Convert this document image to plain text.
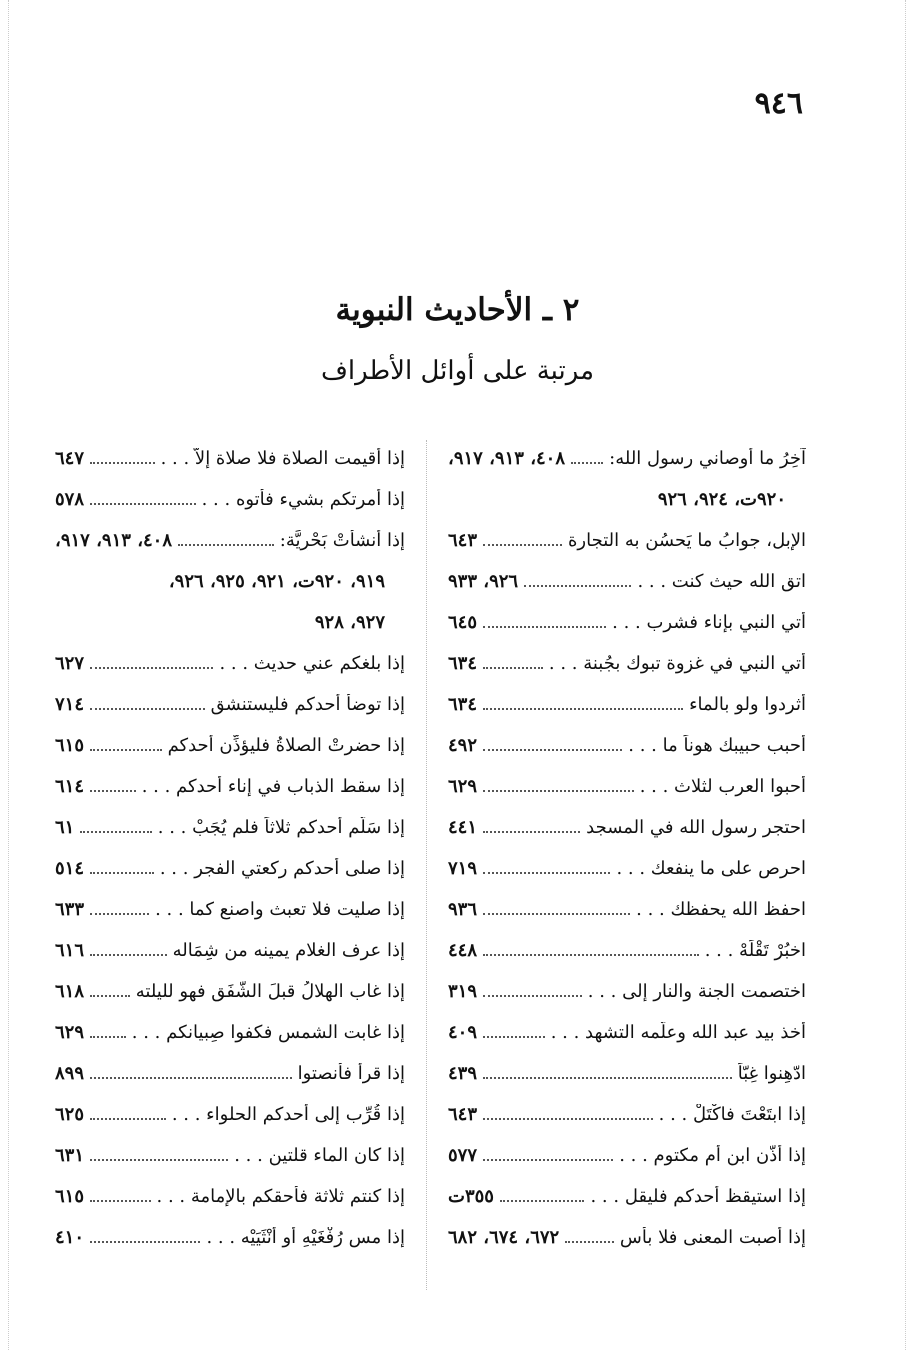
٩٤٦
٢ ـ الأحاديث النبوية
مرتبة على أوائل الأطراف
آخِرُ ما أوصاني رسول الله:
٤٠٨، ٩١٣، ٩١٧،
٩٢٠ت، ٩٢٤، ٩٢٦
الإبل، جوابُ ما يَحسُن به التجارة
٦٤٣
اتق الله حيث كنت . . .
٩٢٦، ٩٣٣
أُتي النبي بإناء فشرب . . .
٦٤٥
أُتي النبي في غزوة تبوك بجُبنة . . .
٦٣٤
أثردوا ولو بالماء
٦٣٤
أحبب حبيبك هوناً ما . . .
٤٩٢
أحبوا العرب لثلاث . . .
٦٢٩
احتجر رسول الله في المسجد
٤٤١
احرص على ما ينفعك . . .
٧١٩
احفظ الله يحفظك . . .
٩٣٦
اخبُرْ تَقْلَهْ . . .
٤٤٨
اختصمت الجنة والنار إلى . . .
٣١٩
أخذ بيد عبد الله وعلّمه التشهد . . .
٤٠٩
ادّهِنوا غِبّاً
٤٣٩
إذا ابتَعْتَ فاكْتَلْ . . .
٦٤٣
إذا أذّن ابن أم مكتوم . . .
٥٧٧
إذا استيقظ أحدكم فليقل . . .
٣٥٥ت
إذا أصبت المعنى فلا بأس
٦٧٢، ٦٧٤، ٦٨٢
إذا أُقيمت الصلاة فلا صلاة إلاّ . . .
٦٤٧
إذا أمرتكم بشيء فأتوه . . .
٥٧٨
إذا أنشأتْ بَحْرِيَّة:
٤٠٨، ٩١٣، ٩١٧،
٩١٩، ٩٢٠ت، ٩٢١، ٩٢٥، ٩٢٦،
٩٢٧، ٩٢٨
إذا بلغكم عني حديث . . .
٦٢٧
إذا توضأ أحدكم فليستنشق
٧١٤
إذا حضرتْ الصلاةُ فليؤذِّن أحدكم
٦١٥
إذا سقط الذباب في إناء أحدكم . . .
٦١٤
إذا سَلَّم أحدكم ثلاثاً فلم يُجَبْ . . .
٦١
إذا صلى أحدكم ركعتي الفجر . . .
٥١٤
إذا صليت فلا تعبث واصنع كما . . .
٦٣٣
إذا عرف الغلام يمينه من شِمَاله
٦١٦
إذا غاب الهلالُ قبلَ الشَّفَق فهو لليلته
٦١٨
إذا غابت الشمس فكفوا صِبيانكم . . .
٦٢٩
إذا قرأ فأنصتوا
٨٩٩
إذا قُرِّب إلى أحدكم الحلواء . . .
٦٢٥
إذا كان الماء قلتين . . .
٦٣١
إذا كنتم ثلاثة فأحقكم بالإمامة . . .
٦١٥
إذا مس رُفْغَيْهِ أو أُنْثَيَيْه . . .
٤١٠
